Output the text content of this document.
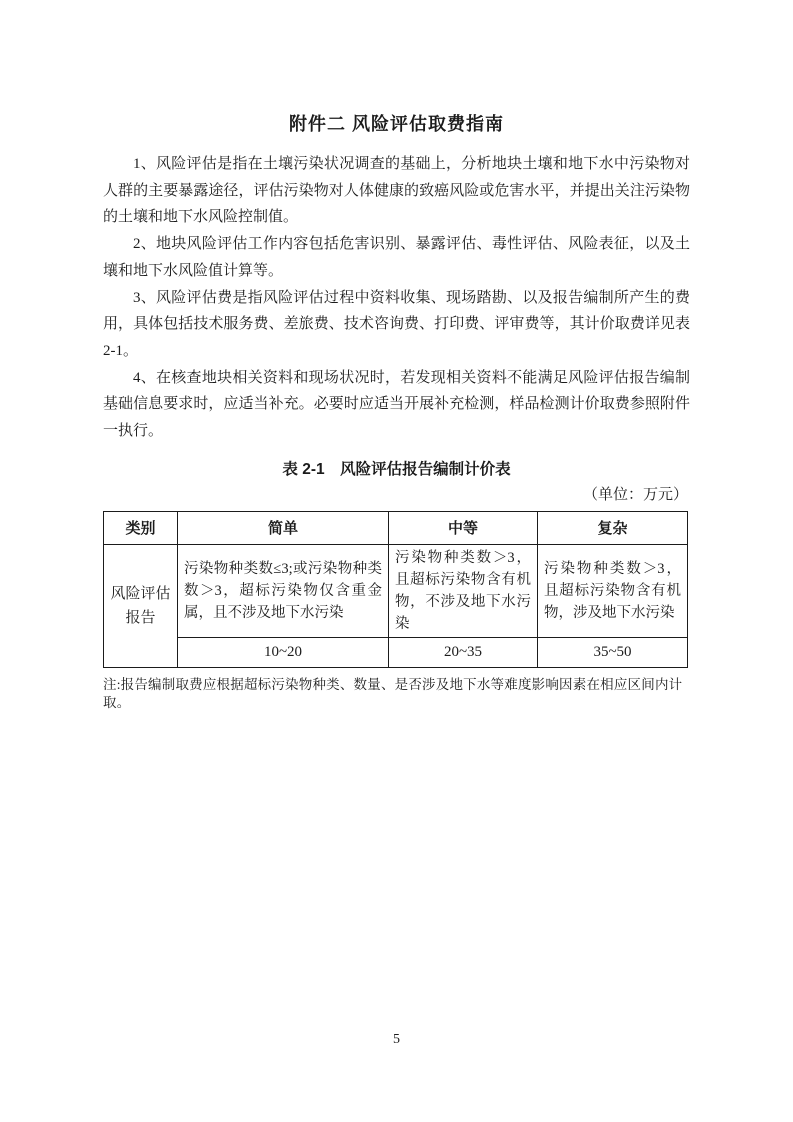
附件二 风险评估取费指南

1、风险评估是指在土壤污染状况调查的基础上，分析地块土壤和地下水中污染物对人群的主要暴露途径，评估污染物对人体健康的致癌风险或危害水平，并提出关注污染物的土壤和地下水风险控制值。

2、地块风险评估工作内容包括危害识别、暴露评估、毒性评估、风险表征，以及土壤和地下水风险值计算等。

3、风险评估费是指风险评估过程中资料收集、现场踏勘、以及报告编制所产生的费用，具体包括技术服务费、差旅费、技术咨询费、打印费、评审费等，其计价取费详见表 2-1。

4、在核查地块相关资料和现场状况时，若发现相关资料不能满足风险评估报告编制基础信息要求时，应适当补充。必要时应适当开展补充检测，样品检测计价取费参照附件一执行。

表 2-1　风险评估报告编制计价表
（单位：万元）
类别	简单	中等	复杂
风险评估报告	污染物种类数≤3;或污染物种类数＞3，超标污染物仅含重金属，且不涉及地下水污染	污染物种类数＞3，且超标污染物含有机物，不涉及地下水污染	污染物种类数＞3，且超标污染物含有机物，涉及地下水污染
	10~20	20~35	35~50

注:报告编制取费应根据超标污染物种类、数量、是否涉及地下水等难度影响因素在相应区间内计取。

5
